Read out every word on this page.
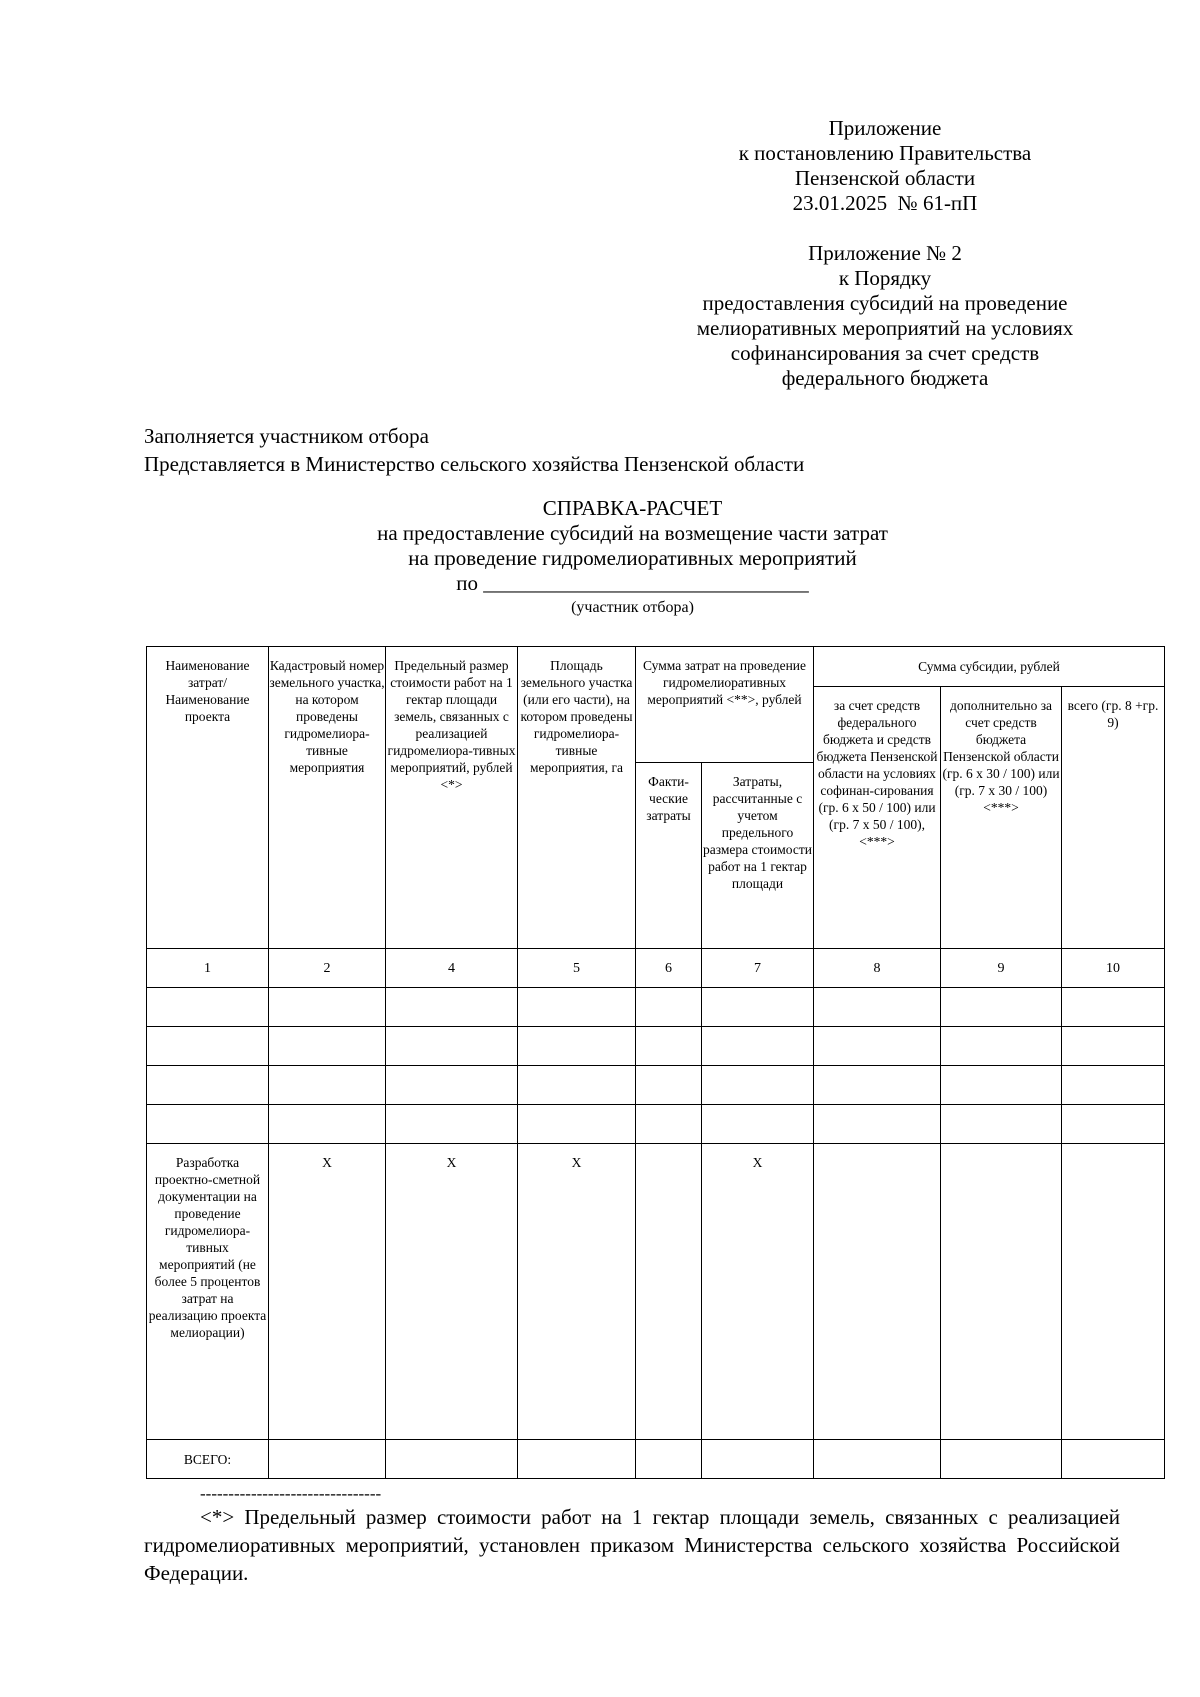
Приложение
к постановлению Правительства
Пензенской области
23.01.2025  № 61-пП
Приложение № 2
к Порядку
предоставления субсидий на проведение
мелиоративных мероприятий на условиях
софинансирования за счет средств
федерального бюджета
Заполняется участником отбора
Представляется в Министерство сельского хозяйства Пензенской области
СПРАВКА-РАСЧЕТ
на предоставление субсидий на возмещение части затрат
на проведение гидромелиоративных мероприятий
по _______________________________
(участник отбора)
Наименование затрат/ Наименование проекта	Кадастровый номер земельного участка, на котором проведены гидромелиора-тивные мероприятия	Предельный размер стоимости работ на 1 гектар площади земель, связанных с реализацией гидромелиора-тивных мероприятий, рублей <*>	Площадь земельного участка (или его части), на котором проведены гидромелиора-тивные мероприятия, га	Сумма затрат на проведение гидромелиоративных мероприятий <**>, рублей		Сумма субсидии, рублей		
						за счет средств федерального бюджета и средств бюджета Пензенской области на условиях софинан-сирования (гр. 6 x 50 / 100) или (гр. 7 x 50 / 100), <***>	дополнительно за счет средств бюджета Пензенской области (гр. 6 x 30 / 100) или (гр. 7 x 30 / 100) <***>	всего (гр. 8 +гр. 9)
				Факти-ческие затраты	Затраты, рассчитанные с учетом предельного размера стоимости работ на 1 гектар площади			
1	2	4	5	6	7	8	9	10

Разработка проектно-сметной документации на проведение гидромелиора-тивных мероприятий (не более 5 процентов затрат на реализацию проекта мелиорации)	X	X	X		X			
ВСЕГО:								
--------------------------------
<*> Предельный размер стоимости работ на 1 гектар площади земель, связанных с реализацией гидромелиоративных мероприятий, установлен приказом Министерства сельского хозяйства Российской Федерации.
